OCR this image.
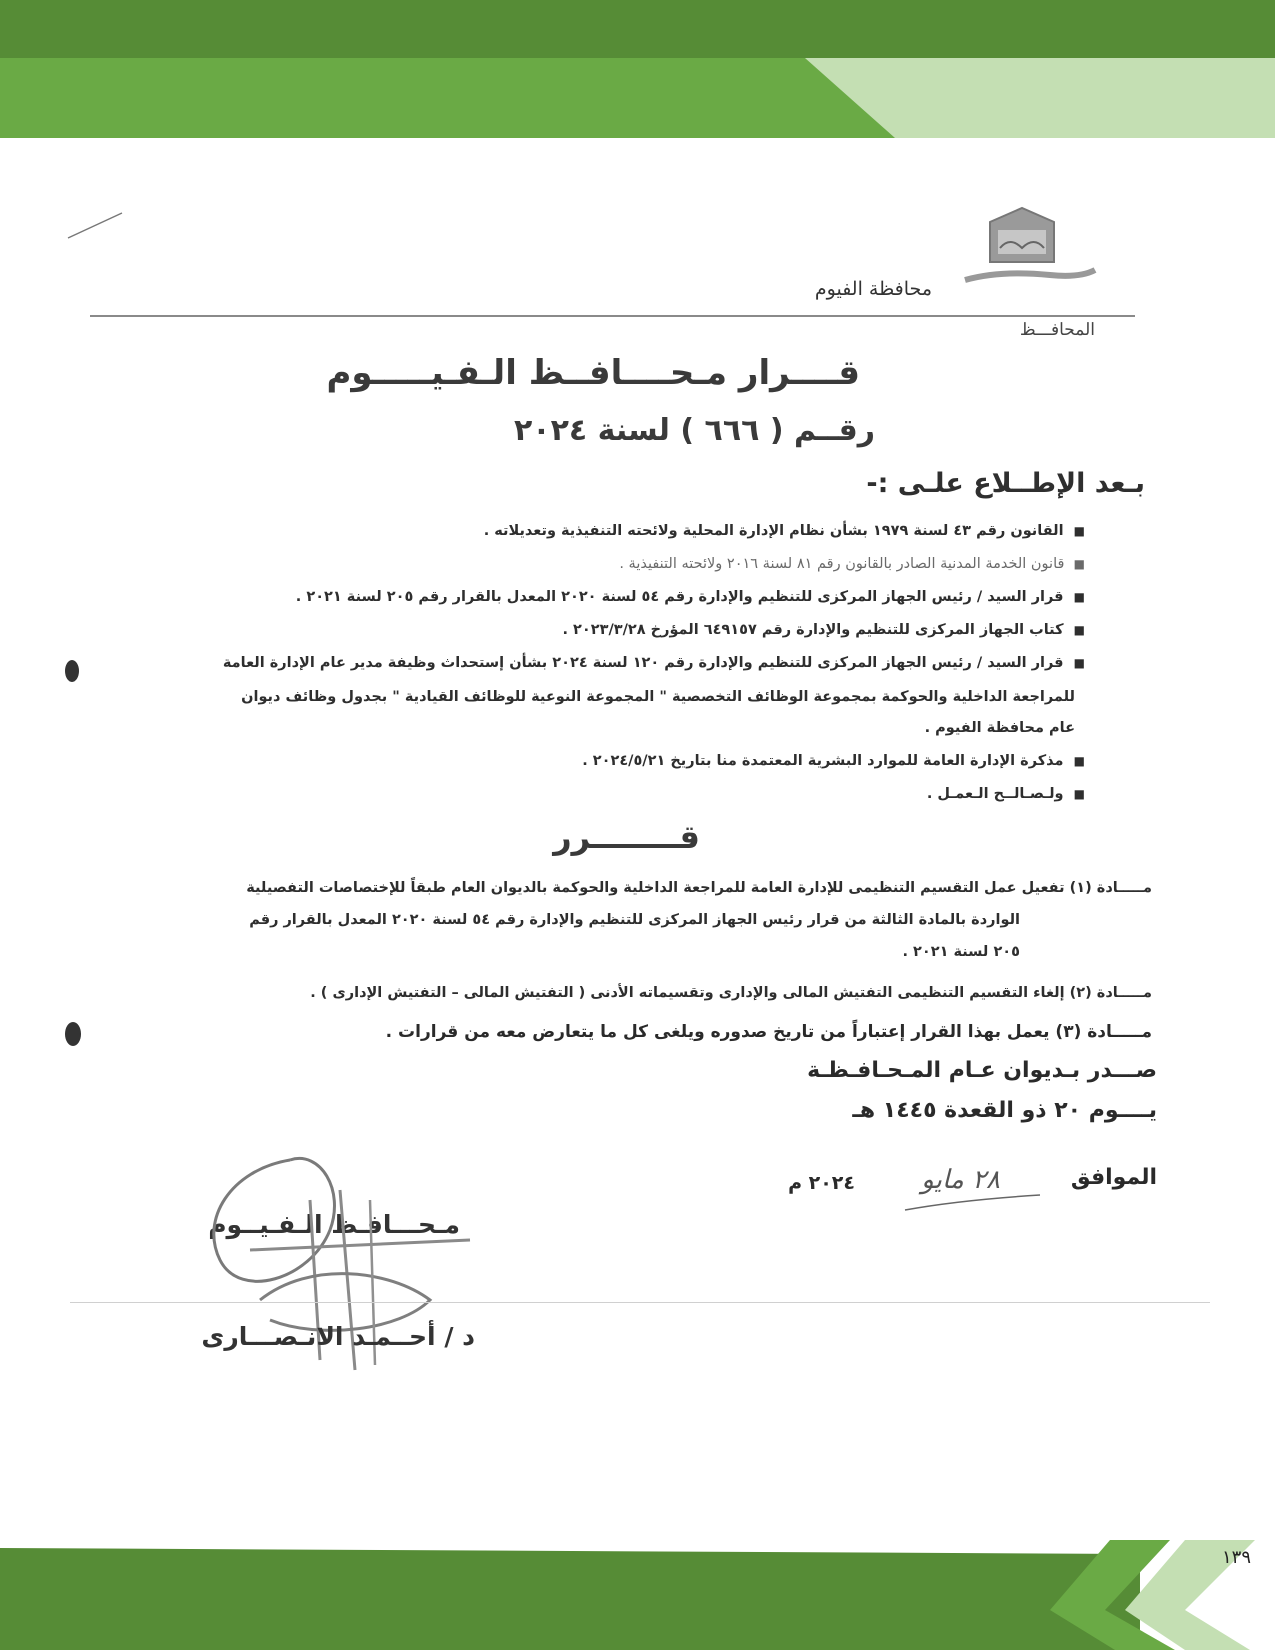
محافظة الفيوم
المحافـــظ
قــــرار مـحــــافــظ الـفـيـــــوم
رقــم ( ٦٦٦ ) لسنة ٢٠٢٤
بـعد الإطــلاع علـى :-
■  القانون رقم ٤٣ لسنة ١٩٧٩ بشأن نظام الإدارة المحلية ولائحته التنفيذية وتعديلاته .
■  قانون الخدمة المدنية الصادر بالقانون رقم ٨١ لسنة ٢٠١٦ ولائحته التنفيذية .
■  قرار السيد / رئيس الجهاز المركزى للتنظيم والإدارة رقم ٥٤ لسنة ٢٠٢٠ المعدل بالقرار رقم ٢٠٥ لسنة ٢٠٢١ .
■  كتاب الجهاز المركزى للتنظيم والإدارة رقم ٦٤٩١٥٧ المؤرخ ٢٠٢٣/٣/٢٨ .
■  قرار السيد / رئيس الجهاز المركزى للتنظيم والإدارة رقم ١٢٠ لسنة ٢٠٢٤ بشأن إستحداث وظيفة مدير عام الإدارة العامة
للمراجعة الداخلية والحوكمة بمجموعة الوظائف التخصصية " المجموعة النوعية للوظائف القيادية " بجدول وظائف ديوان
عام محافظة الفيوم .
■  مذكرة الإدارة العامة للموارد البشرية المعتمدة منا بتاريخ ٢٠٢٤/٥/٢١ .
■  ولـصـالــح الـعمـل .
قــــــــرر
مـــــادة (١) تفعيل عمل التقسيم التنظيمى للإدارة العامة للمراجعة الداخلية والحوكمة بالديوان العام طبقاً للإختصاصات التفصيلية
الواردة بالمادة الثالثة من قرار رئيس الجهاز المركزى للتنظيم والإدارة رقم ٥٤ لسنة ٢٠٢٠ المعدل بالقرار رقم
٢٠٥ لسنة ٢٠٢١ .
مـــــادة (٢) إلغاء التقسيم التنظيمى التفتيش المالى والإدارى وتقسيماته الأدنى ( التفتيش المالى – التفتيش الإدارى ) .
مـــــادة (٣) يعمل بهذا القرار إعتباراً من تاريخ صدوره ويلغى كل ما يتعارض معه من قرارات .
صـــدر بـديوان عـام المـحـافـظـة
يــــوم ٢٠ ذو القعدة ١٤٤٥ هـ
الموافق
٢٨ مايو
٢٠٢٤ م
مـحـــافـظ الـفـيــوم
د / أحــمـد الانـصـــارى
١٣٩
